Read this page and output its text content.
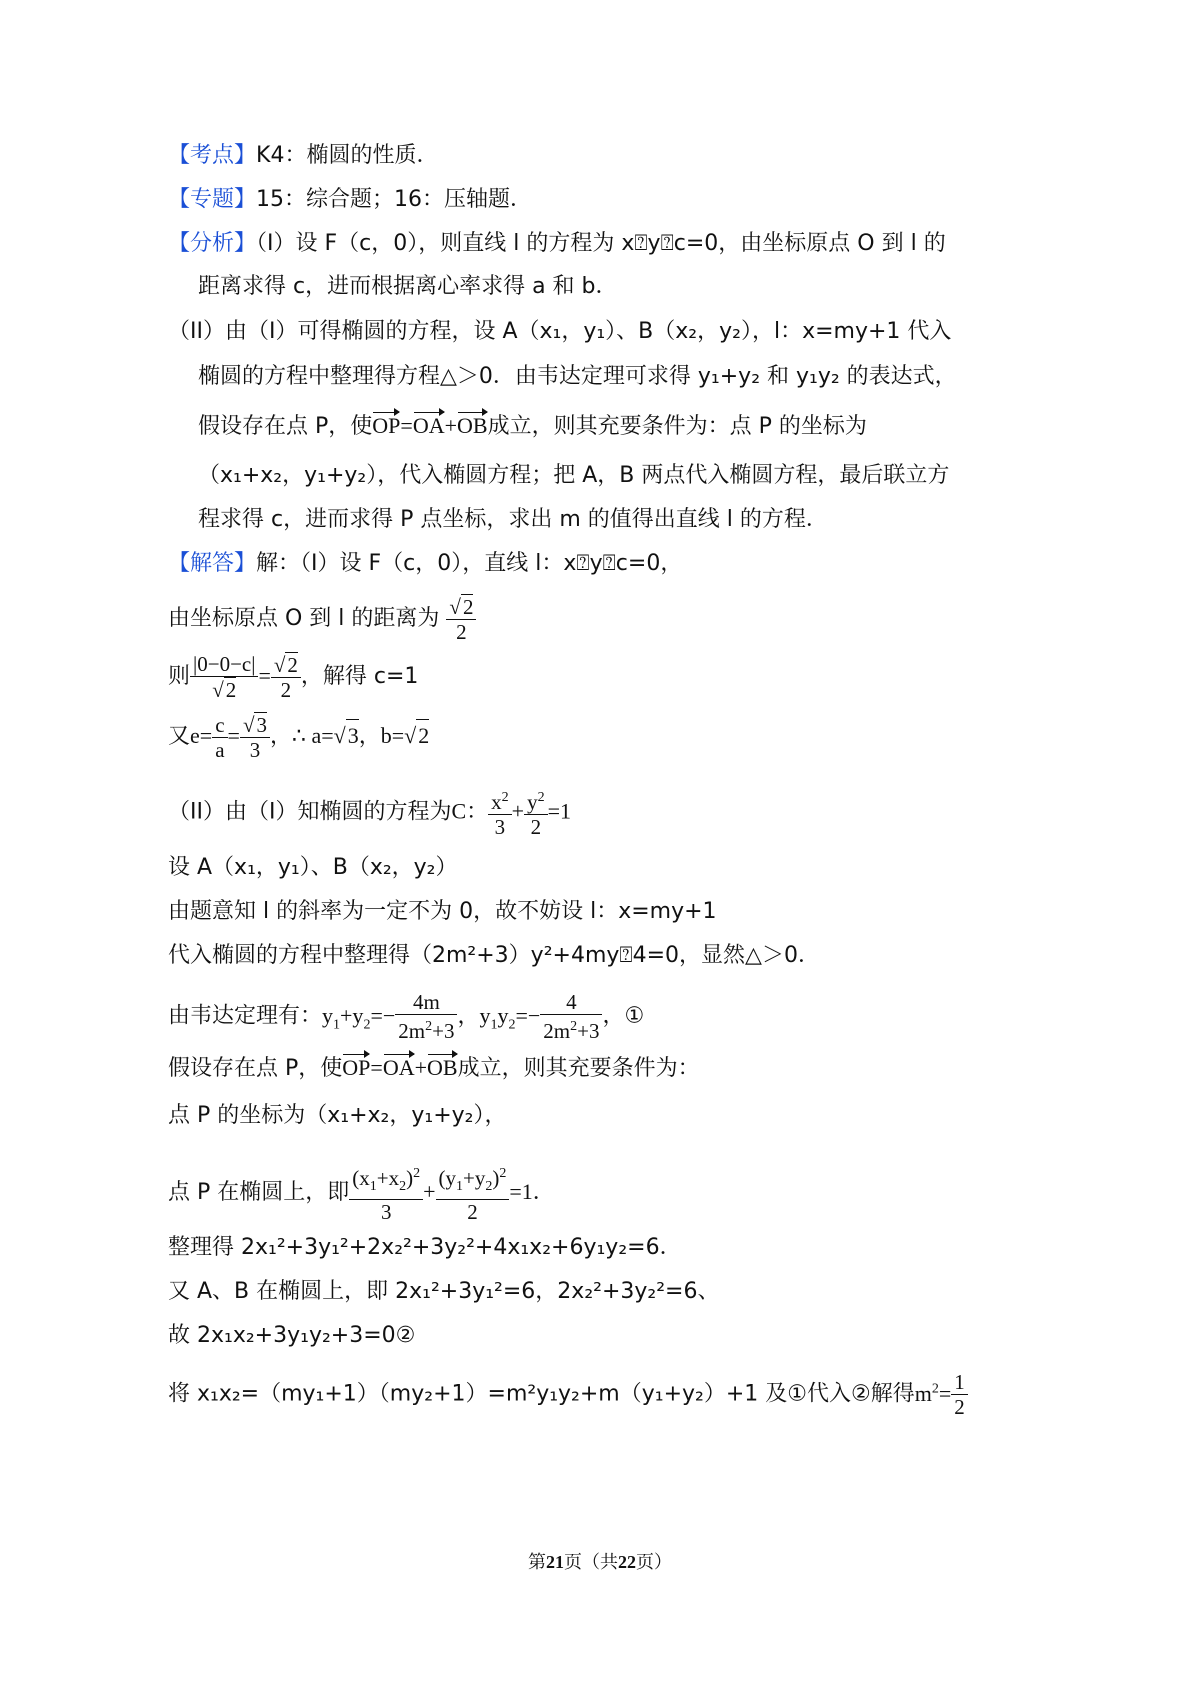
【考点】K4：椭圆的性质．
【专题】15：综合题；16：压轴题．
【分析】（I）设 F（c，0），则直线 l 的方程为 x⍰y⍰c=0，由坐标原点 O 到 l 的
距离求得 c，进而根据离心率求得 a 和 b．
（II）由（I）可得椭圆的方程，设 A（x₁，y₁）、B（x₂，y₂），l：x=my+1 代入
椭圆的方程中整理得方程△＞0．由韦达定理可求得 y₁+y₂ 和 y₁y₂ 的表达式，
假设存在点 P，使OP=OA+OB成立，则其充要条件为：点 P 的坐标为
（x₁+x₂，y₁+y₂），代入椭圆方程；把 A，B 两点代入椭圆方程，最后联立方
程求得 c，进而求得 P 点坐标，求出 m 的值得出直线 l 的方程．
【解答】解：（I）设 F（c，0），直线 l：x⍰y⍰c=0，
由坐标原点 O 到 l 的距离为 $\frac{√2}{2}$
则 $\frac{|0-0-c|}{√2} = \frac{√2}{2}$ ，解得 c=1
又$e= \frac{c}{a} = \frac{√3}{3}$ ，∴ a=√3，b=√2
（II）由（I）知椭圆的方程为C： $\frac{x^2}{3} + \frac{y^2}{2} =1$
设 A（x₁，y₁）、B（x₂，y₂）
由题意知 l 的斜率为一定不为 0，故不妨设 l：x=my+1
代入椭圆的方程中整理得（2m²+3）y²+4my⍰4=0，显然△＞0．
由韦达定理有：$y_1+y_2=- \frac{4m}{2m^2+3}$ ，$y_1y_2=- \frac{4}{2m^2+3}$ ，①
假设存在点 P，使OP=OA+OB成立，则其充要条件为：
点 P 的坐标为（x₁+x₂，y₁+y₂），
点 P 在椭圆上，即 $\frac{(x_1+x_2)^2}{3} + \frac{(y_1+y_2)^2}{2} =1$．
整理得 2x₁²+3y₁²+2x₂²+3y₂²+4x₁x₂+6y₁y₂=6．
又 A、B 在椭圆上，即 2x₁²+3y₁²=6，2x₂²+3y₂²=6、
故 2x₁x₂+3y₁y₂+3=0②
将 x₁x₂=（my₁+1）（my₂+1）=m²y₁y₂+m（y₁+y₂）+1 及①代入②解得$m^2= \frac{1}{2}$
第21页（共22页）
